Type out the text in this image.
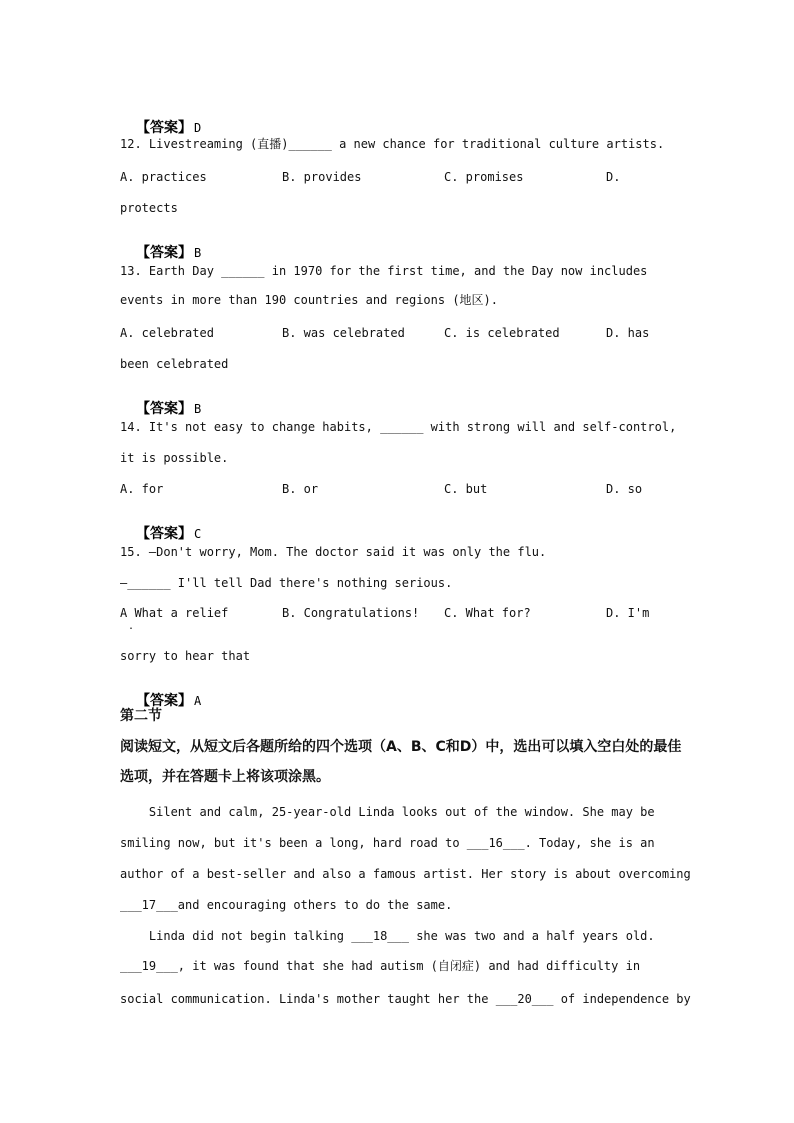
【答案】 D

12. Livestreaming (直播)______ a new chance for traditional culture artists.
A. practices	B. provides	C. promises	D.
protects

【答案】 B

13. Earth Day ______ in 1970 for the first time, and the Day now includes
events in more than 190 countries and regions (地区).
A. celebrated	B. was celebrated	C. is celebrated	D. has
been celebrated

【答案】 B

14. It's not easy to change habits, ______ with strong will and self-control,
it is possible.
A. for	B. or	C. but	D. so

【答案】 C

15. —Don't worry, Mom. The doctor said it was only the flu.
—______ I'll tell Dad there's nothing serious.
A What a relief
.
B. Congratulations! C. What for?	D. I'm
sorry to hear that

【答案】 A

第二节
阅读短文，从短文后各题所给的四个选项（A、B、C和D）中，选出可以填入空白处的最佳
选项，并在答题卡上将该项涂黑。
Silent and calm, 25-year-old Linda looks out of the window. She may be
smiling now, but it's been a long, hard road to ___16___. Today, she is an
author of a best-seller and also a famous artist. Her story is about overcoming
___17___and encouraging others to do the same.
Linda did not begin talking ___18___ she was two and a half years old.
___19___, it was found that she had autism (自闭症) and had difficulty in
social communication. Linda's mother taught her the ___20___ of independence by
